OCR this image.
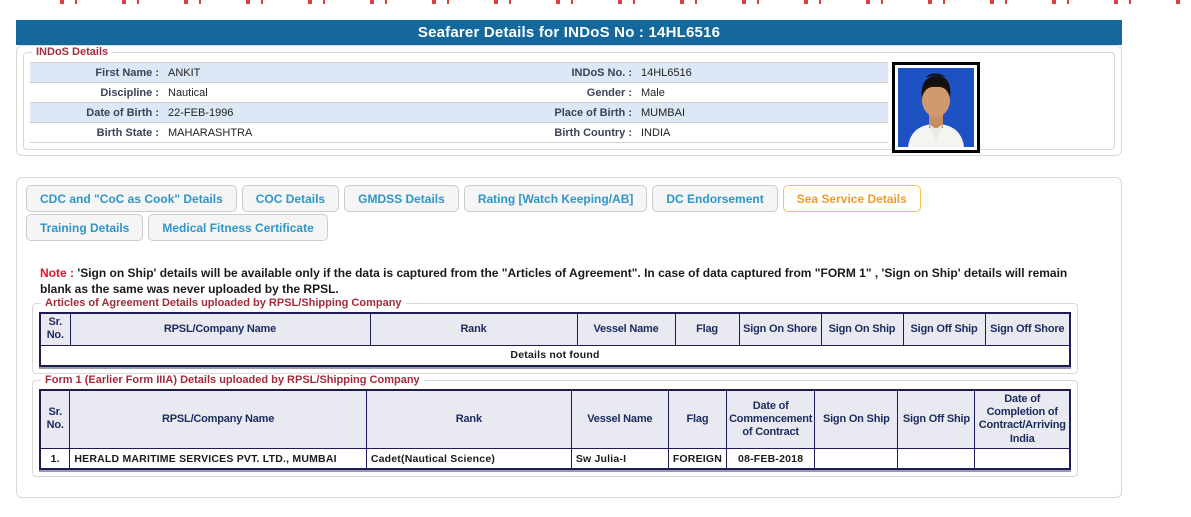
Seafarer Details for INDoS No : 14HL6516
INDoS Details
First Name : ANKIT	INDoS No. : 14HL6516
Discipline : Nautical	Gender : Male
Date of Birth : 22-FEB-1996	Place of Birth : MUMBAI
Birth State : MAHARASHTRA	Birth Country : INDIA
CDC and "CoC as Cook" Details	COC Details	GMDSS Details	Rating [Watch Keeping/AB]	DC Endorsement	Sea Service Details
Training Details	Medical Fitness Certificate
Note : 'Sign on Ship' details will be available only if the data is captured from the "Articles of Agreement". In case of data captured from "FORM 1" , 'Sign on Ship' details will remain blank as the same was never uploaded by the RPSL.
Articles of Agreement Details uploaded by RPSL/Shipping Company
Sr. No.	RPSL/Company Name	Rank	Vessel Name	Flag	Sign On Shore	Sign On Ship	Sign Off Ship	Sign Off Shore
Details not found
Form 1 (Earlier Form IIIA) Details uploaded by RPSL/Shipping Company
Sr. No.	RPSL/Company Name	Rank	Vessel Name	Flag	Date of Commencement of Contract	Sign On Ship	Sign Off Ship	Date of Completion of Contract/Arriving India
1.	HERALD MARITIME SERVICES PVT. LTD., MUMBAI	Cadet(Nautical Science)	Sw Julia-I	FOREIGN	08-FEB-2018			
